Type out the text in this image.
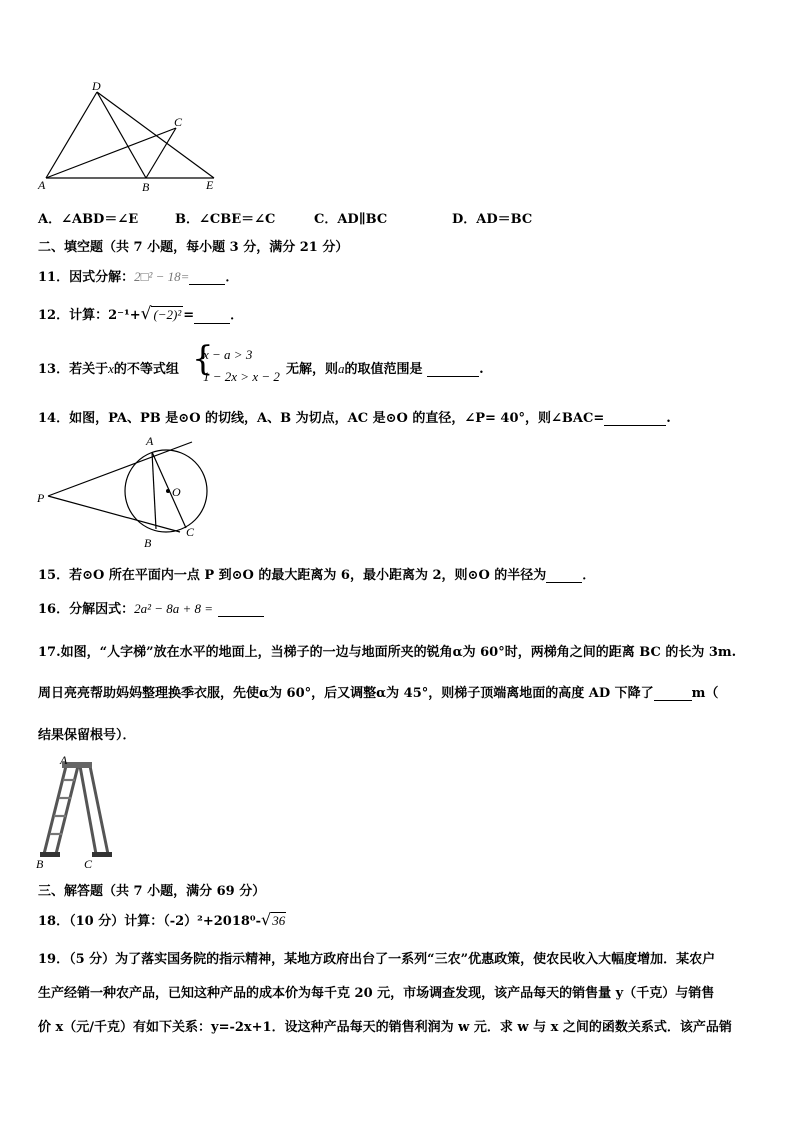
D
C
A	B	E
A．∠ABD＝∠E	B．∠CBE＝∠C	C．AD∥BC	D．AD＝BC
二、填空题（共 7 小题，每小题 3 分，满分 21 分）
11．因式分解：2□² − 18=	．
12．计算：2⁻¹+√ (−2)² =	．
13．若关于x的不等式组 {
x − a > 3
1 − 2x > x − 2 无解，则a的取值范围是	.
14．如图，PA、PB 是⊙O 的切线，A、B 为切点，AC 是⊙O 的直径，∠P= 40°，则∠BAC=	.
P
A
O
C
B
15．若⊙O 所在平面内一点 P 到⊙O 的最大距离为 6，最小距离为 2，则⊙O 的半径为	．
16．分解因式：2a² − 8a + 8 =
17.如图，“人字梯”放在水平的地面上，当梯子的一边与地面所夹的锐角α为 60°时，两梯角之间的距离 BC 的长为 3m.
周日亮亮帮助妈妈整理换季衣服，先使α为 60°，后又调整α为 45°，则梯子顶端离地面的高度 AD 下降了	m（
结果保留根号）．
A
B	C
三、解答题（共 7 小题，满分 69 分）
18．（10 分）计算：（-2）²+2018⁰-√36
19．（5 分）为了落实国务院的指示精神，某地方政府出台了一系列“三农”优惠政策，使农民收入大幅度增加．某农户
生产经销一种农产品，已知这种产品的成本价为每千克 20 元，市场调查发现，该产品每天的销售量 y（千克）与销售
价 x（元/千克）有如下关系：y=-2x+1．设这种产品每天的销售利润为 w 元．求 w 与 x 之间的函数关系式．该产品销
